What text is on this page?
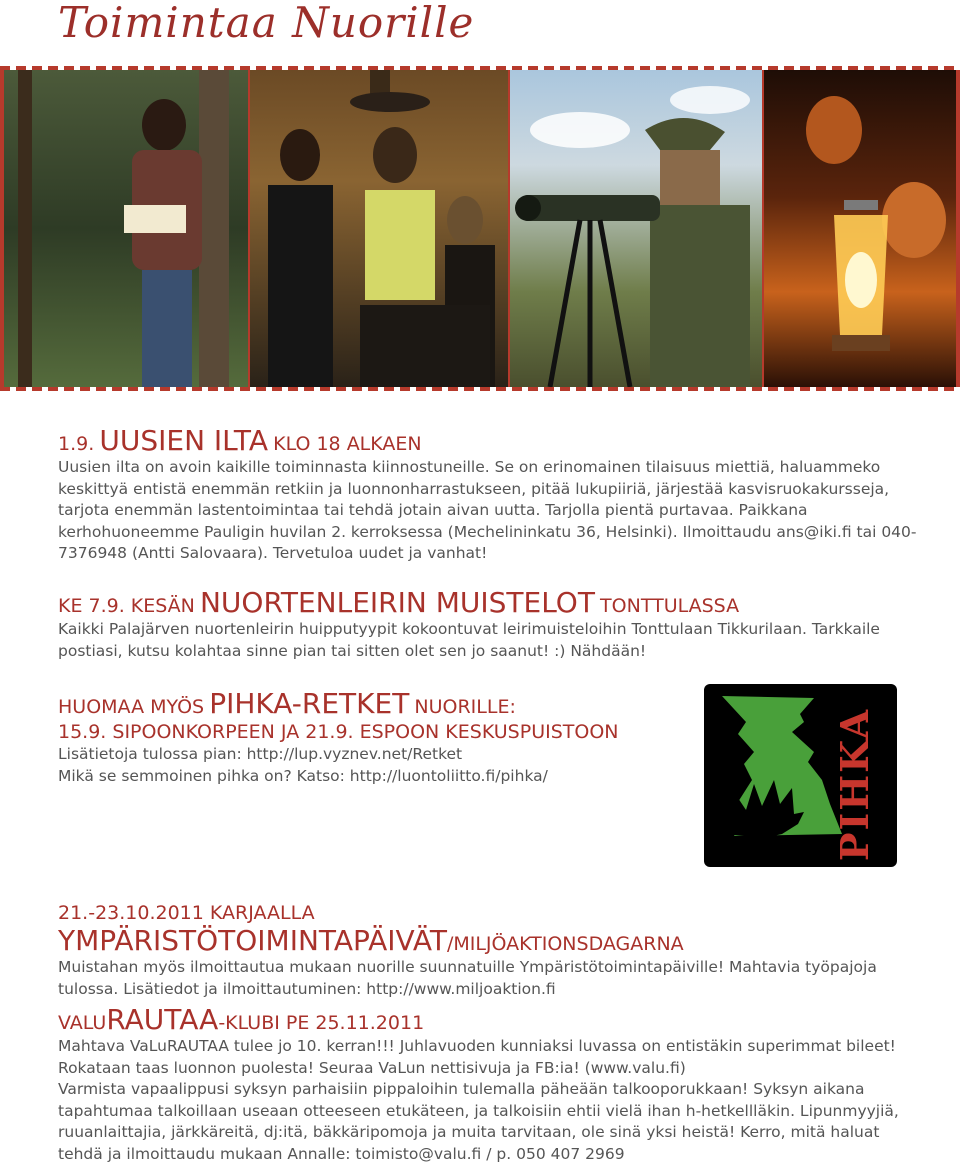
Toimintaa Nuorille
1.9. UUSIEN ILTA KLO 18 ALKAEN

Uusien ilta on avoin kaikille toiminnasta kiinnostuneille. Se on erinomainen tilaisuus miettiä, haluammeko keskittyä entistä enemmän retkiin ja luonnonharrastukseen, pitää lukupiiriä, järjestää kasvisruokakursseja, tarjota enemmän lastentoimintaa tai tehdä jotain aivan uutta. Tarjolla pientä purtavaa. Paikkana kerhohuoneemme Pauligin huvilan 2. kerroksessa (Mechelininkatu 36, Helsinki). Ilmoittaudu ans@iki.fi tai 040-7376948 (Antti Salovaara). Tervetuloa uudet ja vanhat!

KE 7.9. KESÄN NUORTENLEIRIN MUISTELOT TONTTULASSA

Kaikki Palajärven nuortenleirin huipputyypit kokoontuvat leirimuisteloihin Tonttulaan Tikkurilaan. Tarkkaile postiasi, kutsu kolahtaa sinne pian tai sitten olet sen jo saanut! :) Nähdään!

HUOMAA MYÖS PIHKA-RETKET NUORILLE:
15.9. SIPOONKORPEEN JA 21.9. ESPOON KESKUSPUISTOON

Lisätietoja tulossa pian: http://lup.vyznev.net/Retket

Mikä se semmoinen pihka on? Katso: http://luontoliitto.fi/pihka/	PIHKA
21.-23.10.2011 KARJAALLA YMPÄRISTÖTOIMINTAPÄIVÄT/MILJÖAKTIONSDAGARNA

Muistahan myös ilmoittautua mukaan nuorille suunnatuille Ympäristötoimintapäiville! Mahtavia työpajoja tulossa. Lisätiedot ja ilmoittautuminen: http://www.miljoaktion.fi

VALURAUTAA-KLUBI PE 25.11.2011

Mahtava VaLuRAUTAA tulee jo 10. kerran!!! Juhlavuoden kunniaksi luvassa on entistäkin superimmat bileet! Rokataan taas luonnon puolesta! Seuraa VaLun nettisivuja ja FB:ia! (www.valu.fi)

Varmista vapaalippusi syksyn parhaisiin pippaloihin tulemalla päheään talkooporukkaan! Syksyn aikana tapahtumaa talkoillaan useaan otteeseen etukäteen, ja talkoisiin ehtii vielä ihan h-hetkellläkin. Lipunmyyjiä, ruuanlaittajia, järkkäreitä, dj:itä, bäkkäripomoja ja muita tarvitaan, ole sinä yksi heistä! Kerro, mitä haluat tehdä ja ilmoittaudu mukaan Annalle: toimisto@valu.fi / p. 050 407 2969
